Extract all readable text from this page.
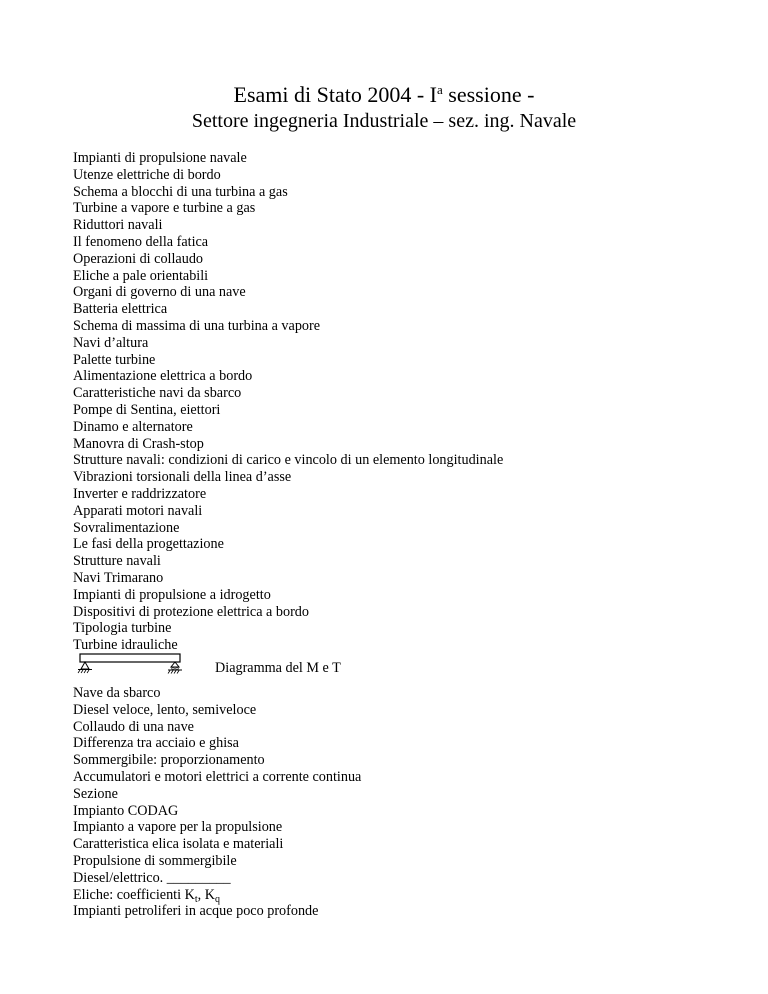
Esami di Stato $2004 - I^a$ sessione -
Settore ingegneria Industriale – sez. ing. Navale
Impianti di propulsione navale
Utenze elettriche di bordo
Schema a blocchi di una turbina a gas
Turbine a vapore e turbine a gas
Riduttori navali
Il fenomeno della fatica
Operazioni di collaudo
Eliche a pale orientabili
Organi di governo di una nave
Batteria elettrica
Schema di massima di una turbina a vapore
Navi d’altura
Palette turbine
Alimentazione elettrica a bordo
Caratteristiche navi da sbarco
Pompe di Sentina, eiettori
Dinamo e alternatore
Manovra di Crash-stop
Strutture navali: condizioni di carico e vincolo di un elemento longitudinale
Vibrazioni torsionali della linea d’asse
Inverter e raddrizzatore
Apparati motori navali
Sovralimentazione
Le fasi della progettazione
Strutture navali
Navi Trimarano
Impianti di propulsione a idrogetto
Dispositivi di protezione elettrica a bordo
Tipologia turbine
Turbine idrauliche
Diagramma del M e T
Nave da sbarco
Diesel veloce, lento, semiveloce
Collaudo di una nave
Differenza tra acciaio e ghisa
Sommergibile: proporzionamento
Accumulatori e motori elettrici a corrente continua
Sezione
Impianto CODAG
Impianto a vapore per la propulsione
Caratteristica elica isolata e materiali
Propulsione di sommergibile
Diesel/elettrico. _________
Eliche: coefficienti $K_t$, $K_q$
Impianti petroliferi in acque poco profonde
